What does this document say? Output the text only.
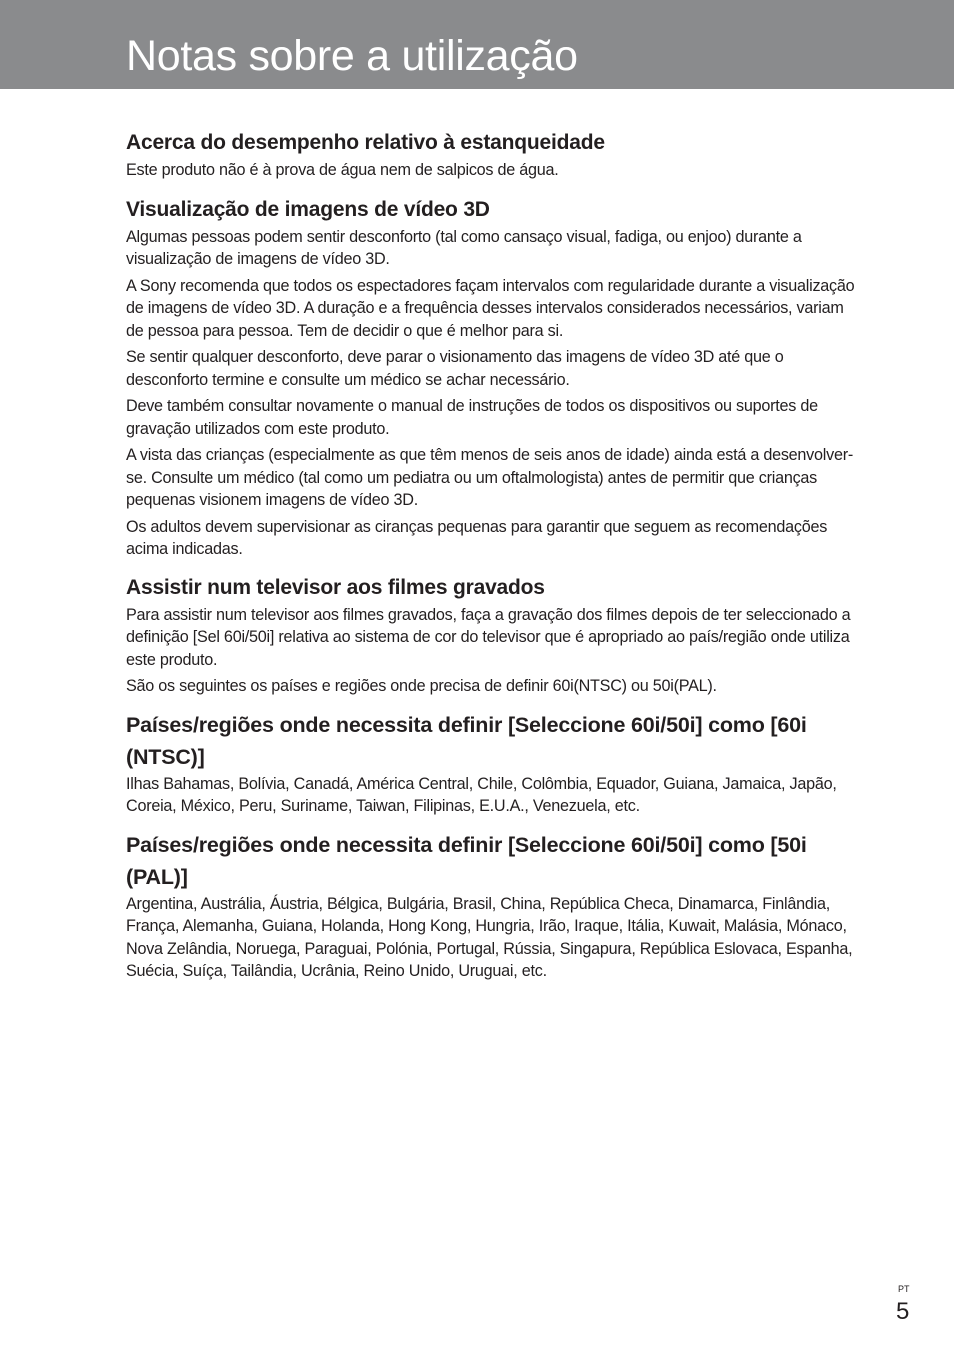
Notas sobre a utilização
Acerca do desempenho relativo à estanqueidade

Este produto não é à prova de água nem de salpicos de água.

Visualização de imagens de vídeo 3D

Algumas pessoas podem sentir desconforto (tal como cansaço visual, fadiga, ou enjoo) durante a visualização de imagens de vídeo 3D.

A Sony recomenda que todos os espectadores façam intervalos com regularidade durante a visualização de imagens de vídeo 3D. A duração e a frequência desses intervalos considerados necessários, variam de pessoa para pessoa. Tem de decidir o que é melhor para si.

Se sentir qualquer desconforto, deve parar o visionamento das imagens de vídeo 3D até que o desconforto termine e consulte um médico se achar necessário.

Deve também consultar novamente o manual de instruções de todos os dispositivos ou suportes de gravação utilizados com este produto.

A vista das crianças (especialmente as que têm menos de seis anos de idade) ainda está a desenvolver-se. Consulte um médico (tal como um pediatra ou um oftalmologista) antes de permitir que crianças pequenas visionem imagens de vídeo 3D.

Os adultos devem supervisionar as ciranças pequenas para garantir que seguem as recomendações acima indicadas.

Assistir num televisor aos filmes gravados

Para assistir num televisor aos filmes gravados, faça a gravação dos filmes depois de ter seleccionado a definição [Sel 60i/50i] relativa ao sistema de cor do televisor que é apropriado ao país/região onde utiliza este produto.

São os seguintes os países e regiões onde precisa de definir 60i(NTSC) ou 50i(PAL).

Países/regiões onde necessita definir [Seleccione 60i/50i] como [60i (NTSC)]

Ilhas Bahamas, Bolívia, Canadá, América Central, Chile, Colômbia, Equador, Guiana, Jamaica, Japão, Coreia, México, Peru, Suriname, Taiwan, Filipinas, E.U.A., Venezuela, etc.

Países/regiões onde necessita definir [Seleccione 60i/50i] como [50i (PAL)]

Argentina, Austrália, Áustria, Bélgica, Bulgária, Brasil, China, República Checa, Dinamarca, Finlândia, França, Alemanha, Guiana, Holanda, Hong Kong, Hungria, Irão, Iraque, Itália, Kuwait, Malásia, Mónaco, Nova Zelândia, Noruega, Paraguai, Polónia, Portugal, Rússia, Singapura, República Eslovaca, Espanha, Suécia, Suíça, Tailândia, Ucrânia, Reino Unido, Uruguai, etc.

PT
5
